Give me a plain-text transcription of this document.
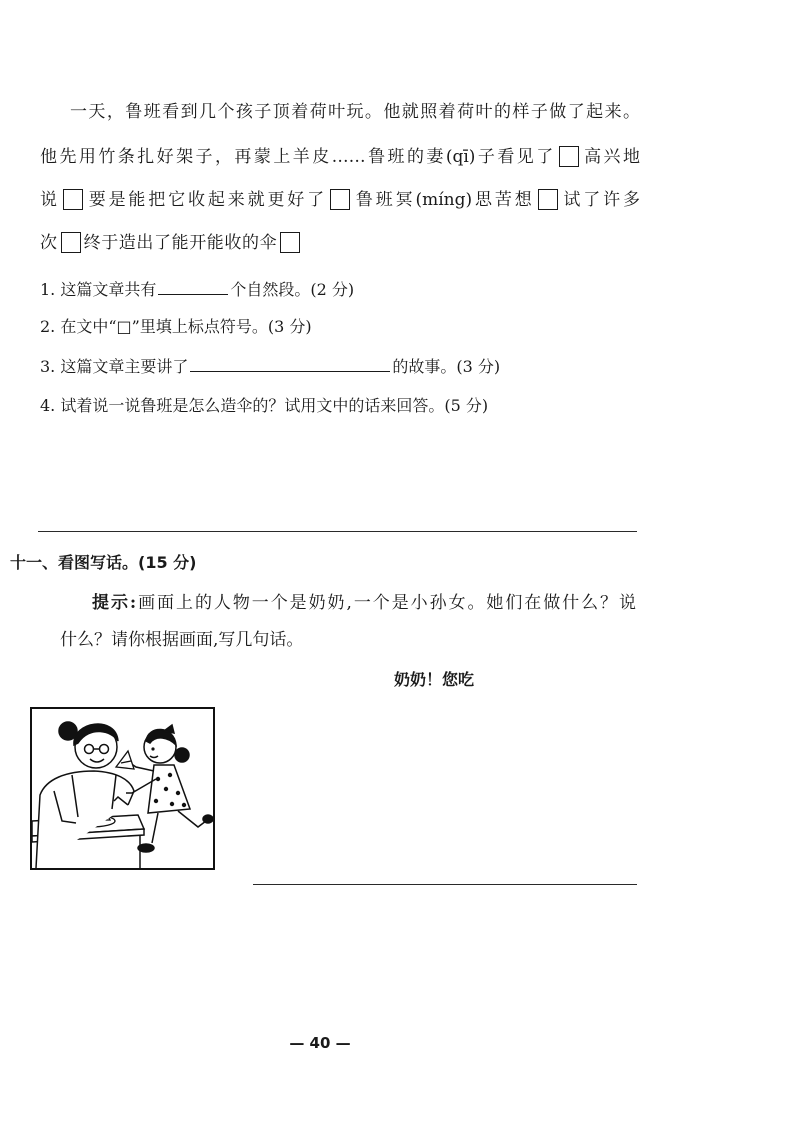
一天，鲁班看到几个孩子顶着荷叶玩。他就照着荷叶的样子做了起来。
他先用竹条扎好架子，再蒙上羊皮……鲁班的妻(qī)子看见了 高兴地
说 要是能把它收起来就更好了 鲁班冥(míng)思苦想 试了许多
次 终于造出了能开能收的伞
1. 这篇文章共有	个自然段。(2 分)
2. 在文中“□”里填上标点符号。(3 分)
3. 这篇文章主要讲了	的故事。(3 分)
4. 试着说一说鲁班是怎么造伞的？试用文中的话来回答。(5 分)
十一、看图写话。(15 分)
提示:画面上的人物一个是奶奶,一个是小孙女。她们在做什么？说
什么？请你根据画面,写几句话。
奶奶！您吃
— 40 —
